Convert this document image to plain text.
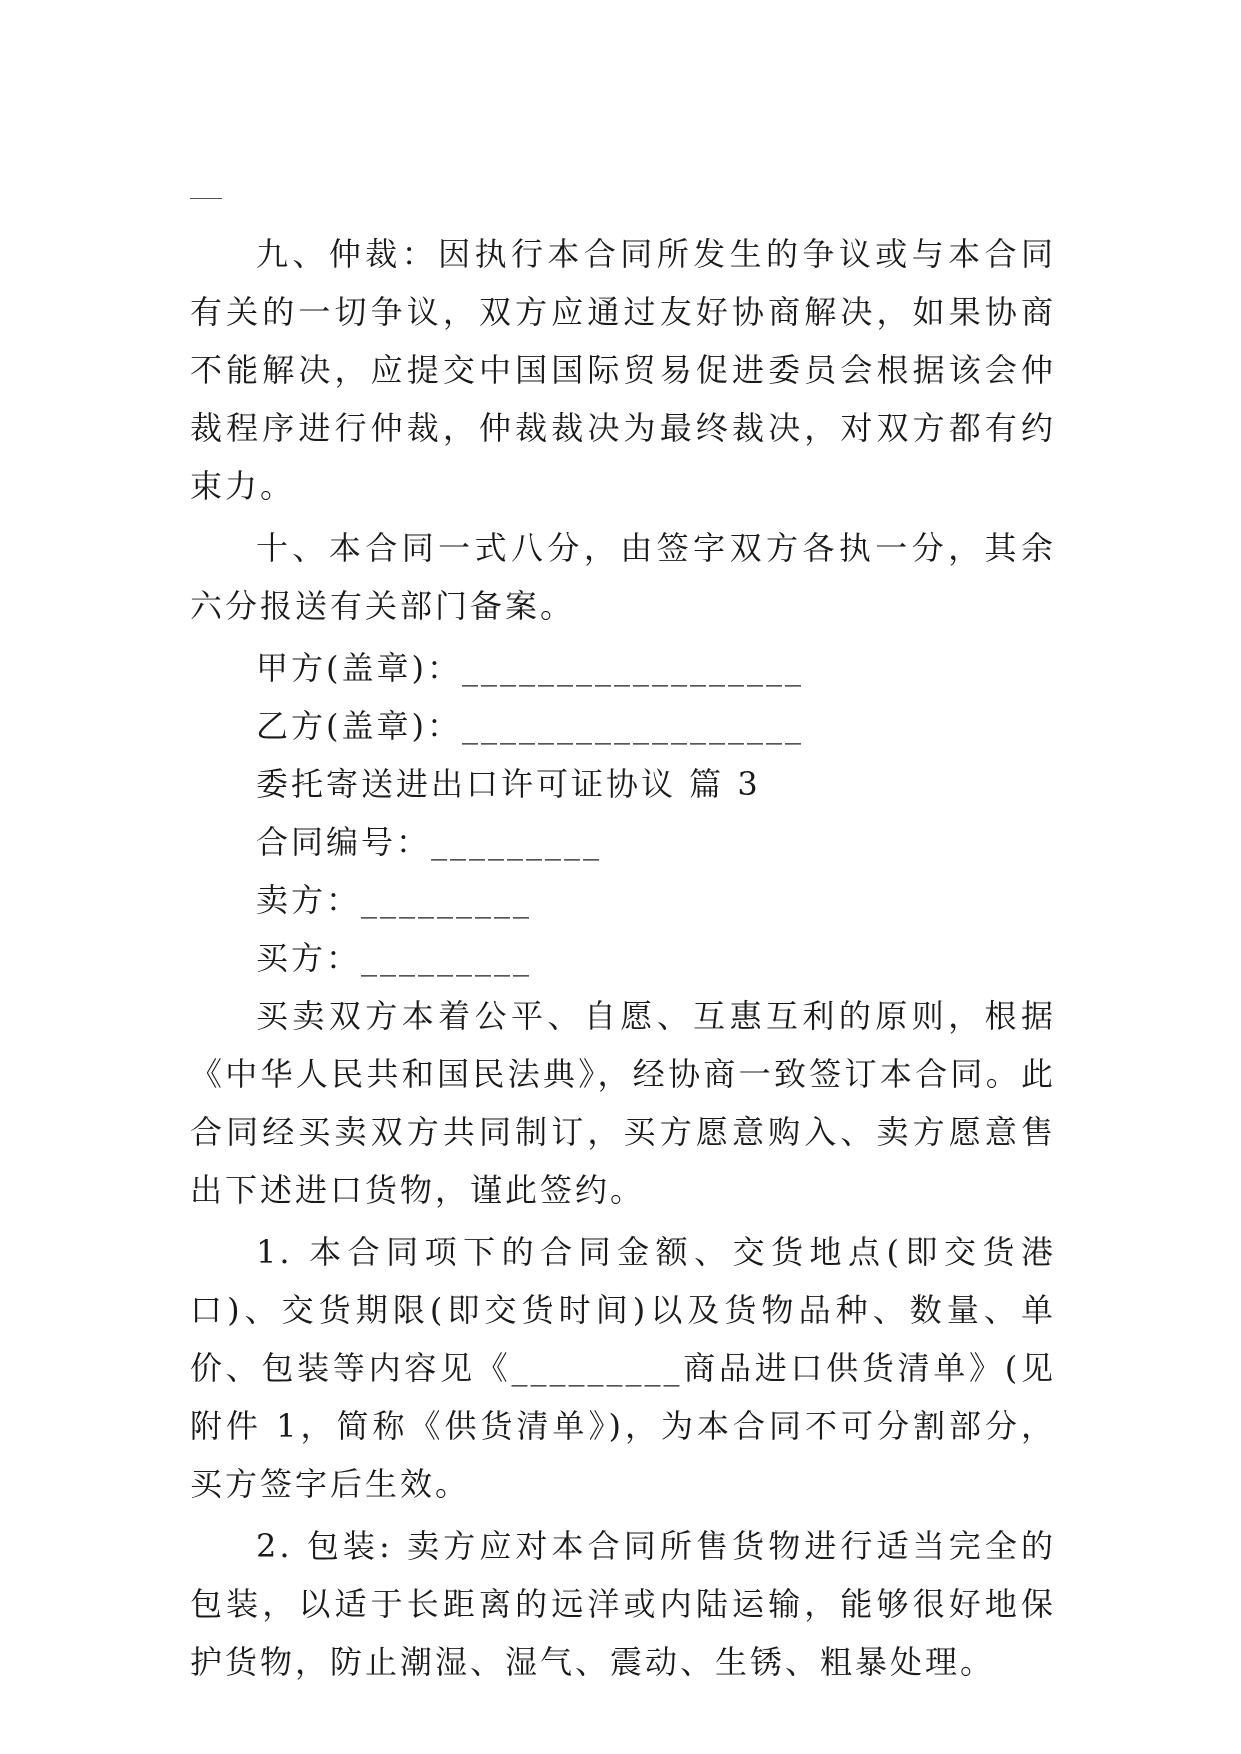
九、仲裁：因执行本合同所发生的争议或与本合同有关的一切争议，双方应通过友好协商解决，如果协商不能解决，应提交中国国际贸易促进委员会根据该会仲裁程序进行仲裁，仲裁裁决为最终裁决，对双方都有约束力。

十、本合同一式八分，由签字双方各执一分，其余六分报送有关部门备案。

甲方(盖章)：__________________

乙方(盖章)：__________________

委托寄送进出口许可证协议 篇 3

合同编号：_________

卖方：_________

买方：_________

买卖双方本着公平、自愿、互惠互利的原则，根据《中华人民共和国民法典》，经协商一致签订本合同。此合同经买卖双方共同制订，买方愿意购入、卖方愿意售出下述进口货物，谨此签约。

1. 本合同项下的合同金额、交货地点(即交货港口)、交货期限(即交货时间)以及货物品种、数量、单价、包装等内容见《_________商品进口供货清单》(见附件 1，简称《供货清单》)，为本合同不可分割部分，买方签字后生效。

2. 包装: 卖方应对本合同所售货物进行适当完全的包装，以适于长距离的远洋或内陆运输，能够很好地保护货物，防止潮湿、湿气、震动、生锈、粗暴处理。
